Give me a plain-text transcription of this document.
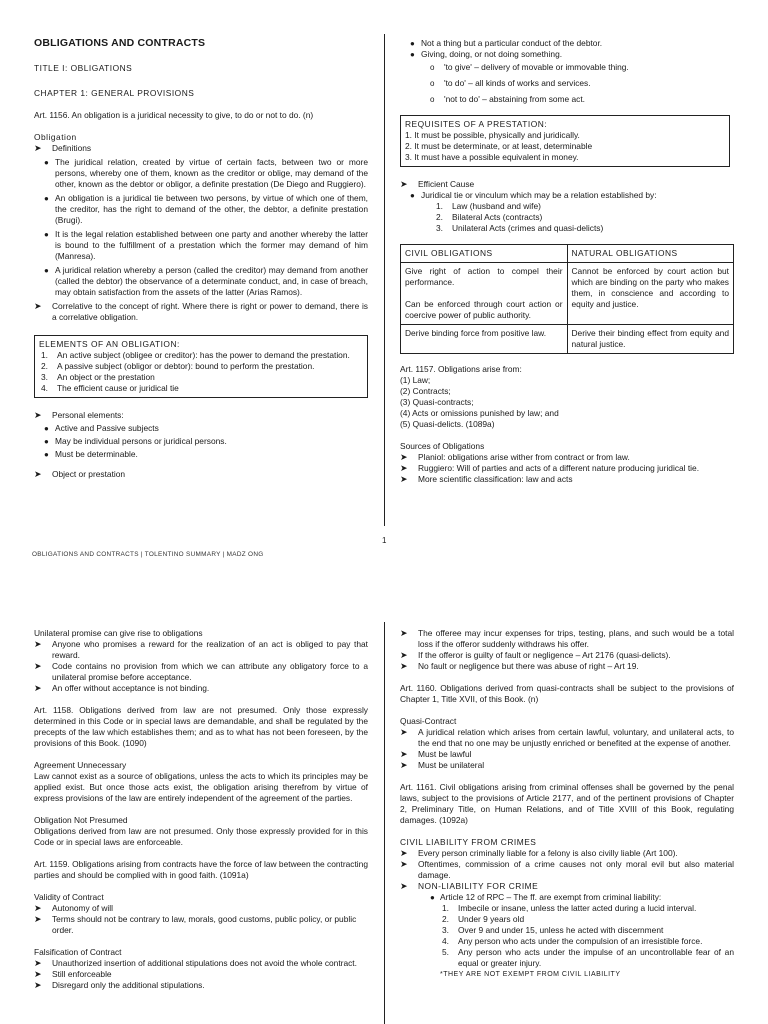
OBLIGATIONS AND CONTRACTS

TITLE I: OBLIGATIONS

CHAPTER 1: GENERAL PROVISIONS

Art. 1156. An obligation is a juridical necessity to give, to do or not to do. (n)

Obligation

➤ Definitions
● The juridical relation, created by virtue of certain facts, between two or more persons, whereby one of them, known as the creditor or oblige, may demand of the other, known as the debtor or obligor, a definite prestation (De Diego and Ruggiero).
● An obligation is a juridical tie between two persons, by virtue of which one of them, the creditor, has the right to demand of the other, the debtor, a definite prestation (Brugi).
● It is the legal relation established between one party and another whereby the latter is bound to the fulfillment of a prestation which the former may demand of him (Manresa).
● A juridical relation whereby a person (called the creditor) may demand from another (called the debtor) the observance of a determinate conduct, and, in case of breach, may obtain satisfaction from the assets of the latter (Arias Ramos).
➤ Correlative to the concept of right. Where there is right or power to demand, there is a correlative obligation.

ELEMENTS OF AN OBLIGATION:

1. An active subject (obligee or creditor): has the power to demand the prestation.
2. A passive subject (obligor or debtor): bound to perform the prestation.
3. An object or the prestation
4. The efficient cause or juridical tie
➤ Personal elements:
● Active and Passive subjects
● May be individual persons or juridical persons.
● Must be determinable.
➤ Object or prestation
● Not a thing but a particular conduct of the debtor.
● Giving, doing, or not doing something.
o 'to give' – delivery of movable or immovable thing.
o 'to do' – all kinds of works and services.
o 'not to do' – abstaining from some act.

REQUISITES OF A PRESTATION:

1. It must be possible, physically and juridically.

2. It must be determinate, or at least, determinable

3. It must have a possible equivalent in money.

➤ Efficient Cause
● Juridical tie or vinculum which may be a relation established by:
1. Law (husband and wife)
2. Bilateral Acts (contracts)
3. Unilateral Acts (crimes and quasi-delicts)
CIVIL OBLIGATIONS	NATURAL OBLIGATIONS

Give right of action to compel their performance.

Can be enforced through court action or coercive power of public authority.	Cannot be enforced by court action but which are binding on the party who makes them, in conscience and according to equity and justice.
Derive binding force from positive law.	Derive their binding effect from equity and natural justice.

Art. 1157. Obligations arise from:

(1) Law;

(2) Contracts;

(3) Quasi-contracts;

(4) Acts or omissions punished by law; and

(5) Quasi-delicts. (1089a)

Sources of Obligations

➤ Planiol: obligations arise wither from contract or from law.
➤ Ruggiero: Will of parties and acts of a different nature producing juridical tie.
➤ More scientific classification: law and acts
1
OBLIGATIONS AND CONTRACTS | TOLENTINO SUMMARY | MADZ ONG

Unilateral promise can give rise to obligations

➤ Anyone who promises a reward for the realization of an act is obliged to pay that reward.
➤ Code contains no provision from which we can attribute any obligatory force to a unilateral promise before acceptance.
➤ An offer without acceptance is not binding.

Art. 1158. Obligations derived from law are not presumed. Only those expressly determined in this Code or in special laws are demandable, and shall be regulated by the precepts of the law which establishes them; and as to what has not been foreseen, by the provisions of this Book. (1090)

Agreement Unnecessary

Law cannot exist as a source of obligations, unless the acts to which its principles may be applied exist. But once those acts exist, the obligation arising therefrom by virtue of express provisions of the law are entirely independent of the agreement of the parties.

Obligation Not Presumed

Obligations derived from law are not presumed. Only those expressly provided for in this Code or in special laws are enforceable.

Art. 1159. Obligations arising from contracts have the force of law between the contracting parties and should be complied with in good faith. (1091a)

Validity of Contract

➤ Autonomy of will
➤ Terms should not be contrary to law, morals, good customs, public policy, or public order.

Falsification of Contract

➤ Unauthorized insertion of additional stipulations does not avoid the whole contract.
➤ Still enforceable
➤ Disregard only the additional stipulations.
➤ The offeree may incur expenses for trips, testing, plans, and such would be a total loss if the offeror suddenly withdraws his offer.
➤ If the offeror is guilty of fault or negligence – Art 2176 (quasi-delicts).
➤ No fault or negligence but there was abuse of right – Art 19.

Art. 1160. Obligations derived from quasi-contracts shall be subject to the provisions of Chapter 1, Title XVII, of this Book. (n)

Quasi-Contract

➤ A juridical relation which arises from certain lawful, voluntary, and unilateral acts, to the end that no one may be unjustly enriched or benefited at the expense of another.
➤ Must be lawful
➤ Must be unilateral

Art. 1161. Civil obligations arising from criminal offenses shall be governed by the penal laws, subject to the provisions of Article 2177, and of the pertinent provisions of Chapter 2, Preliminary Title, on Human Relations, and of Title XVIII of this Book, regulating damages. (1092a)

CIVIL LIABILITY FROM CRIMES

➤ Every person criminally liable for a felony is also civilly liable (Art 100).
➤ Oftentimes, commission of a crime causes not only moral evil but also material damage.
➤ NON-LIABILITY FOR CRIME
● Article 12 of RPC – The ff. are exempt from criminal liability:
1. Imbecile or insane, unless the latter acted during a lucid interval.
2. Under 9 years old
3. Over 9 and under 15, unless he acted with discernment
4. Any person who acts under the compulsion of an irresistible force.
5. Any person who acts under the impulse of an uncontrollable fear of an equal or greater injury.

*THEY ARE NOT EXEMPT FROM CIVIL LIABILITY
